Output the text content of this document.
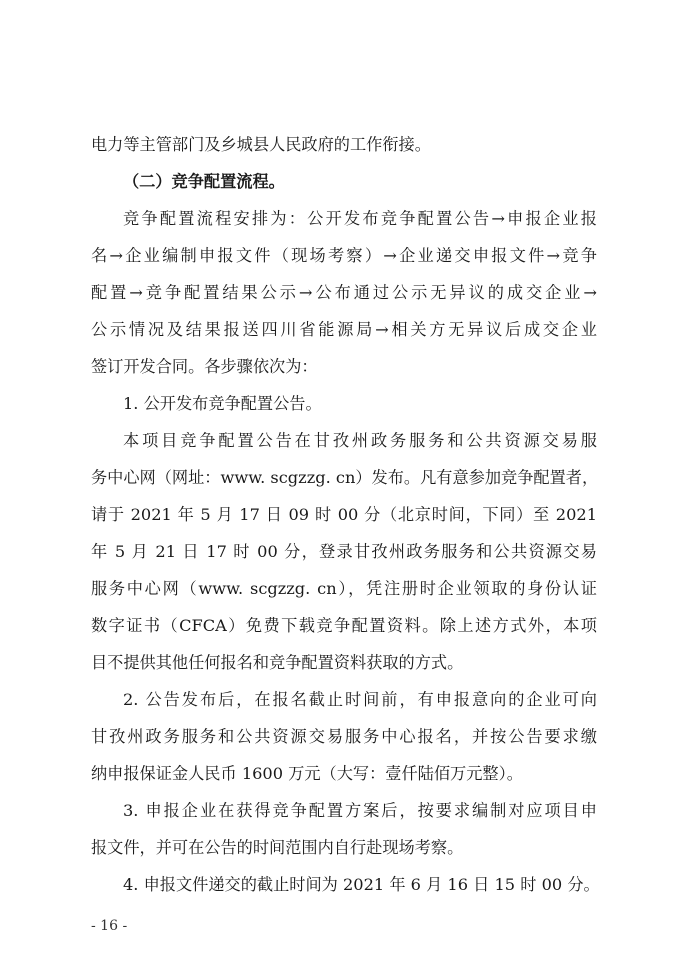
电力等主管部门及乡城县人民政府的工作衔接。
（二）竞争配置流程。
竞争配置流程安排为：公开发布竞争配置公告→申报企业报
名→企业编制申报文件（现场考察）→企业递交申报文件→竞争
配置→竞争配置结果公示→公布通过公示无异议的成交企业→
公示情况及结果报送四川省能源局→相关方无异议后成交企业
签订开发合同。各步骤依次为：
1. 公开发布竞争配置公告。
本项目竞争配置公告在甘孜州政务服务和公共资源交易服
务中心网（网址：www. scgzzg. cn）发布。凡有意参加竞争配置者，
请于 2021 年 5 月 17 日 09 时 00 分（北京时间，下同）至 2021
年 5 月 21 日 17 时 00 分，登录甘孜州政务服务和公共资源交易
服务中心网（www. scgzzg. cn），凭注册时企业领取的身份认证
数字证书（CFCA）免费下载竞争配置资料。除上述方式外，本项
目不提供其他任何报名和竞争配置资料获取的方式。
2. 公告发布后，在报名截止时间前，有申报意向的企业可向
甘孜州政务服务和公共资源交易服务中心报名，并按公告要求缴
纳申报保证金人民币 1600 万元（大写：壹仟陆佰万元整）。
3. 申报企业在获得竞争配置方案后，按要求编制对应项目申
报文件，并可在公告的时间范围内自行赴现场考察。
4. 申报文件递交的截止时间为 2021 年 6 月 16 日 15 时 00 分。
- 16 -
